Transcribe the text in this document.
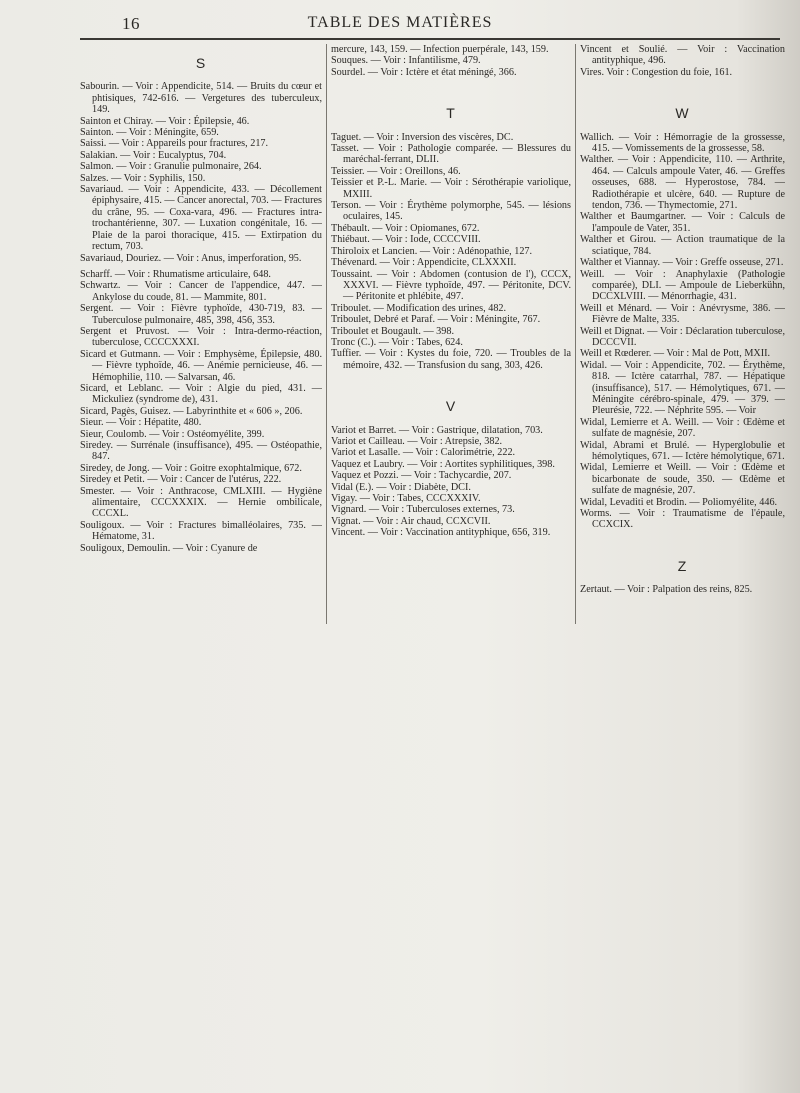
16	TABLE DES MATIÈRES
S

Sabourin. — Voir : Appendicite, 514. — Bruits du cœur et phtisiques, 742-616. — Vergetures des tuberculeux, 149.

Sainton et Chiray. — Voir : Épilepsie, 46.

Sainton. — Voir : Méningite, 659.

Saissi. — Voir : Appareils pour fractures, 217.

Salakian. — Voir : Eucalyptus, 704.

Salmon. — Voir : Granulie pulmonaire, 264.

Salzes. — Voir : Syphilis, 150.

Savariaud. — Voir : Appendicite, 433. — Décollement épiphysaire, 415. — Cancer anorectal, 703. — Fractures du crâne, 95. — Coxa-vara, 496. — Fractures intra-trochantérienne, 307. — Luxation congénitale, 16. — Plaie de la paroi thoracique, 415. — Extirpation du rectum, 703.

Savariaud, Douriez. — Voir : Anus, imperforation, 95.

Scharff. — Voir : Rhumatisme articulaire, 648.

Schwartz. — Voir : Cancer de l'appendice, 447. — Ankylose du coude, 81. — Mammite, 801.

Sergent. — Voir : Fièvre typhoïde, 430-719, 83. — Tuberculose pulmonaire, 485, 398, 456, 353.

Sergent et Pruvost. — Voir : Intra-dermo-réaction, tuberculose, CCCCXXXI.

Sicard et Gutmann. — Voir : Emphysème, Épilepsie, 480. — Fièvre typhoïde, 46. — Anémie pernicieuse, 46. — Hémophilie, 110. — Salvarsan, 46.

Sicard, et Leblanc. — Voir : Algie du pied, 431. — Mickuliez (syndrome de), 431.

Sicard, Pagès, Guisez. — Labyrinthite et « 606 », 206.

Sieur. — Voir : Hépatite, 480.

Sieur, Coulomb. — Voir : Ostéomyélite, 399.

Siredey. — Surrénale (insuffisance), 495. — Ostéopathie, 847.

Siredey, de Jong. — Voir : Goitre exophtalmique, 672.

Siredey et Petit. — Voir : Cancer de l'utérus, 222.

Smester. — Voir : Anthracose, CMLXIII. — Hygiène alimentaire, CCCXXXIX. — Hernie ombilicale, CCCXL.

Souligoux. — Voir : Fractures bimalléolaires, 735. — Hématome, 31.

Souligoux, Demoulin. — Voir : Cyanure de

mercure, 143, 159. — Infection puerpérale, 143, 159.

Souques. — Voir : Infantilisme, 479.

Sourdel. — Voir : Ictère et état méningé, 366.

T

Taguet. — Voir : Inversion des viscères, DC.

Tasset. — Voir : Pathologie comparée. — Blessures du maréchal-ferrant, DLII.

Teissier. — Voir : Oreillons, 46.

Teissier et P.-L. Marie. — Voir : Sérothérapie variolique, MXIII.

Terson. — Voir : Érythème polymorphe, 545. — lésions oculaires, 145.

Thébault. — Voir : Opiomanes, 672.

Thiébaut. — Voir : Iode, CCCCVIII.

Thiroloix et Lancien. — Voir : Adénopathie, 127.

Thévenard. — Voir : Appendicite, CLXXXII.

Toussaint. — Voir : Abdomen (contusion de l'), CCCX, XXXVI. — Fièvre typhoïde, 497. — Péritonite, DCV. — Péritonite et phlébite, 497.

Triboulet. — Modification des urines, 482.

Triboulet, Debré et Paraf. — Voir : Méningite, 767.

Triboulet et Bougault. — 398.

Tronc (C.). — Voir : Tabes, 624.

Tuffier. — Voir : Kystes du foie, 720. — Troubles de la mémoire, 432. — Transfusion du sang, 303, 426.

V

Variot et Barret. — Voir : Gastrique, dilatation, 703.

Variot et Cailleau. — Voir : Atrepsie, 382.

Variot et Lasalle. — Voir : Calorimétrie, 222.

Vaquez et Laubry. — Voir : Aortites syphilitiques, 398.

Vaquez et Pozzi. — Voir : Tachycardie, 207.

Vidal (E.). — Voir : Diabète, DCI.

Vigay. — Voir : Tabes, CCCXXXIV.

Vignard. — Voir : Tuberculoses externes, 73.

Vignat. — Voir : Air chaud, CCXCVII.

Vincent. — Voir : Vaccination antityphique, 656, 319.

Vincent et Soulié. — Voir : Vaccination antityphique, 496.

Vires. Voir : Congestion du foie, 161.

W

Wallich. — Voir : Hémorragie de la grossesse, 415. — Vomissements de la grossesse, 58.

Walther. — Voir : Appendicite, 110. — Arthrite, 464. — Calculs ampoule Vater, 46. — Greffes osseuses, 688. — Hyperostose, 784. — Radiothérapie et ulcère, 640. — Rupture de tendon, 736. — Thymectomie, 271.

Walther et Baumgartner. — Voir : Calculs de l'ampoule de Vater, 351.

Walther et Girou. — Action traumatique de la sciatique, 784.

Walther et Viannay. — Voir : Greffe osseuse, 271.

Weill. — Voir : Anaphylaxie (Pathologie comparée), DLI. — Ampoule de Lieberkühn, DCCXLVIII. — Ménorrhagie, 431.

Weill et Ménard. — Voir : Anévrysme, 386. — Fièvre de Malte, 335.

Weill et Dignat. — Voir : Déclaration tuberculose, DCCCVII.

Weill et Rœderer. — Voir : Mal de Pott, MXII.

Widal. — Voir : Appendicite, 702. — Érythème, 818. — Ictère catarrhal, 787. — Hépatique (insuffisance), 517. — Hémolytiques, 671. — Méningite cérébro-spinale, 479. — 379. — Pleurésie, 722. — Néphrite 595. — Voir

Widal, Lemierre et A. Weill. — Voir : Œdème et sulfate de magnésie, 207.

Widal, Abrami et Brulé. — Hyperglobulie et hémolytiques, 671. — Ictère hémolytique, 671.

Widal, Lemierre et Weill. — Voir : Œdème et bicarbonate de soude, 350. — Œdème et sulfate de magnésie, 207.

Widal, Levaditi et Brodin. — Poliomyélite, 446.

Worms. — Voir : Traumatisme de l'épaule, CCXCIX.

Z

Zertaut. — Voir : Palpation des reins, 825.
